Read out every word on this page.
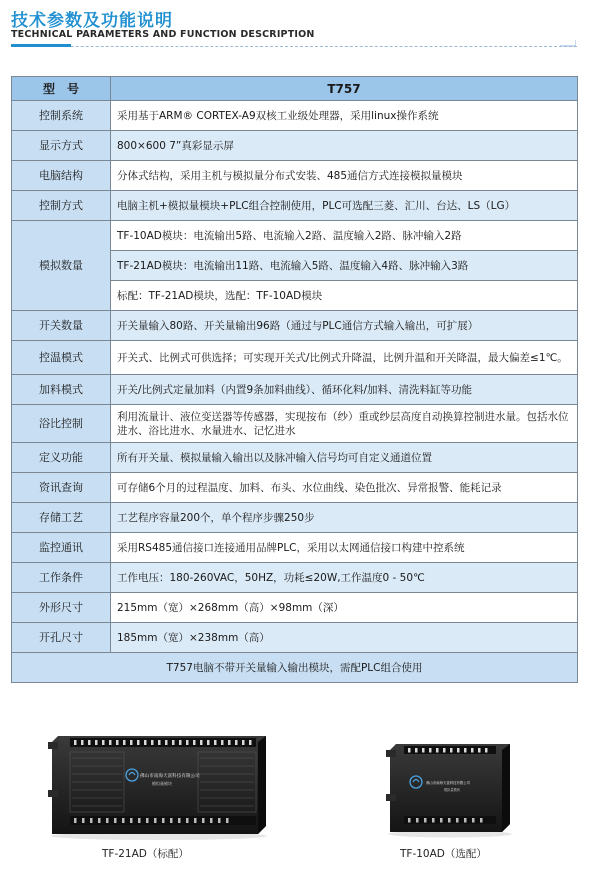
技术参数及功能说明
TECHNICAL PARAMETERS AND FUNCTION DESCRIPTION
型　号	T757
控制系统	采用基于ARM® CORTEX-A9双核工业级处理器，采用linux操作系统
显示方式	800×600 7”真彩显示屏
电脑结构	分体式结构，采用主机与模拟量分布式安装、485通信方式连接模拟量模块
控制方式	电脑主机+模拟量模块+PLC组合控制使用，PLC可选配三菱、汇川、台达、LS（LG）
模拟数量	TF-10AD模块：电流输出5路、电流输入2路、温度输入2路、脉冲输入2路
	TF-21AD模块：电流输出11路、电流输入5路、温度输入4路、脉冲输入3路
	标配：TF-21AD模块，选配：TF-10AD模块
开关数量	开关量输入80路、开关量输出96路（通过与PLC通信方式输入输出，可扩展）
控温模式	开关式、比例式可供选择；可实现开关式/比例式升降温，比例升温和开关降温，最大偏差≤1℃。
加料模式	开关/比例式定量加料（内置9条加料曲线）、循环化料/加料、清洗料缸等功能
浴比控制	利用流量计、液位变送器等传感器，实现按布（纱）重或纱层高度自动换算控制进水量。包括水位进水、浴比进水、水量进水、记忆进水
定义功能	所有开关量、模拟量输入输出以及脉冲输入信号均可自定义通道位置
资讯查询	可存储6个月的过程温度、加料、布头、水位曲线、染色批次、异常报警、能耗记录
存储工艺	工艺程序容量200个，单个程序步骤250步
监控通讯	采用RS485通信接口连接通用品牌PLC，采用以太网通信接口构建中控系统
工作条件	工作电压：180-260VAC，50HZ，功耗≤20W,工作温度0 - 50℃
外形尺寸	215mm（宽）×268mm（高）×98mm（深）
开孔尺寸	185mm（宽）×238mm（高）
T757电脑不带开关量输入输出模块，需配PLC组合使用	
佛山市南海天富科技有限公司
模拟量模块
TF-21AD（标配）
佛山市南海天富科技有限公司
模拟量模块
TF-10AD（选配）
